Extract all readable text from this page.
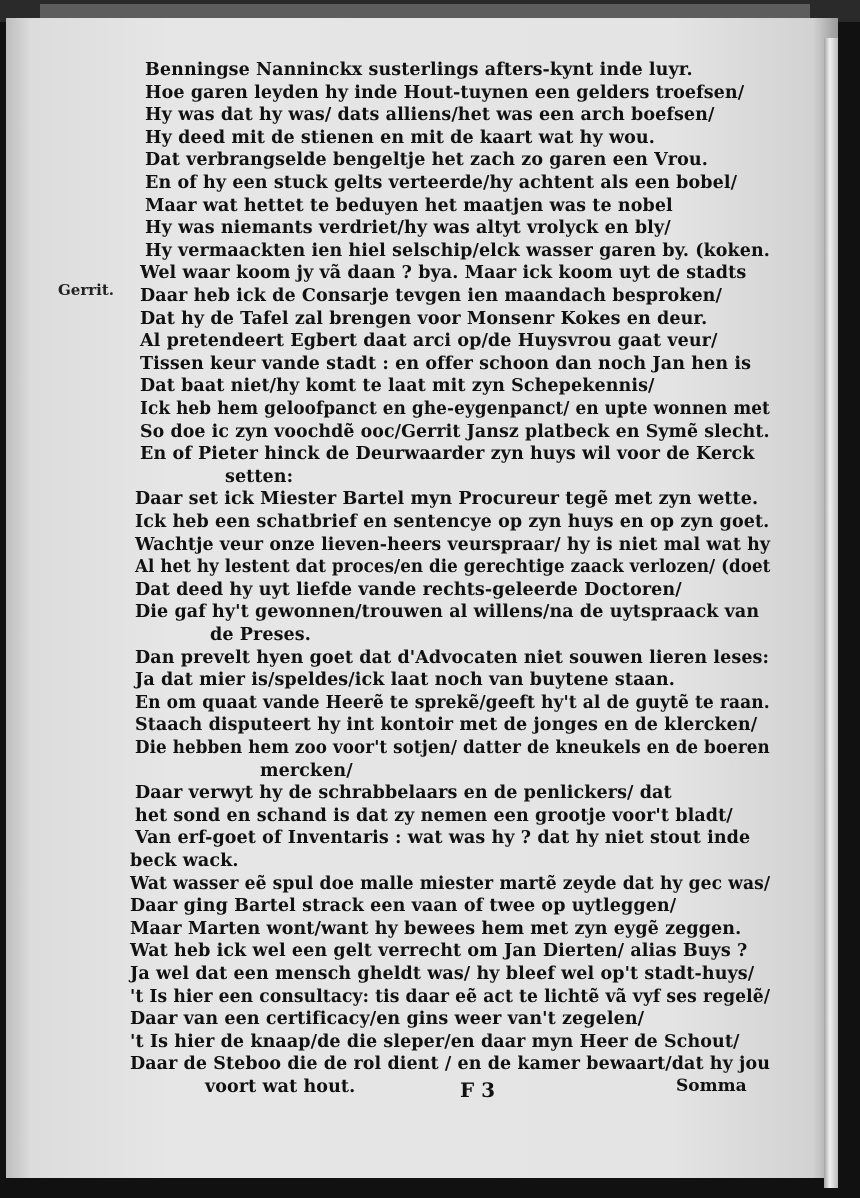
Gerrit.
Benningse Nanninckx susterlings afters-kynt inde luyr.
Hoe garen leyden hy inde Hout-tuynen een gelders troefsen/
Hy was dat hy was/ dats alliens/het was een arch boefsen/
Hy deed mit de stienen en mit de kaart wat hy wou.
Dat verbrangselde bengeltje het zach zo garen een Vrou.
En of hy een stuck gelts verteerde/hy achtent als een bobel/
Maar wat hettet te beduyen het maatjen was te nobel
Hy was niemants verdriet/hy was altyt vrolyck en bly/
Hy vermaackten ien hiel selschip/elck wasser garen by. (koken.
Wel waar koom jy vã daan ? bya. Maar ick koom uyt de stadts
Daar heb ick de Consarje tevgen ien maandach besproken/
Dat hy de Tafel zal brengen voor Monsenr Kokes en deur.
Al pretendeert Egbert daat arci op/de Huysvrou gaat veur/
Tissen keur vande stadt : en offer schoon dan noch Jan hen is
Dat baat niet/hy komt te laat mit zyn Schepekennis/
Ick heb hem geloofpanct en ghe-eygenpanct/ en upte wonnen met
So doe ic zyn voochdẽ ooc/Gerrit Jansz platbeck en Symẽ slecht.
En of Pieter hinck de Deurwaarder zyn huys wil voor de Kerck
setten:
Daar set ick Miester Bartel myn Procureur tegẽ met zyn wette.
Ick heb een schatbrief en sentencye op zyn huys en op zyn goet.
Wachtje veur onze lieven-heers veurspraar/ hy is niet mal wat hy
Al het hy lestent dat proces/en die gerechtige zaack verlozen/ (doet
Dat deed hy uyt liefde vande rechts-geleerde Doctoren/
Die gaf hy't gewonnen/trouwen al willens/na de uytspraack van
de Preses.
Dan prevelt hyen goet dat d'Advocaten niet souwen lieren leses:
Ja dat mier is/speldes/ick laat noch van buytene staan.
En om quaat vande Heerẽ te sprekẽ/geeft hy't al de guytẽ te raan.
Staach disputeert hy int kontoir met de jonges en de klercken/
Die hebben hem zoo voor't sotjen/ datter de kneukels en de boeren
mercken/
Daar verwyt hy de schrabbelaars en de penlickers/ dat
het sond en schand is dat zy nemen een grootje voor't bladt/
Van erf-goet of Inventaris : wat was hy ? dat hy niet stout inde
beck wack.
Wat wasser eẽ spul doe malle miester martẽ zeyde dat hy gec was/
Daar ging Bartel strack een vaan of twee op uytleggen/
Maar Marten wont/want hy bewees hem met zyn eygẽ zeggen.
Wat heb ick wel een gelt verrecht om Jan Dierten/ alias Buys ?
Ja wel dat een mensch gheldt was/ hy bleef wel op't stadt-huys/
't Is hier een consultacy: tis daar eẽ act te lichtẽ vã vyf ses regelẽ/
Daar van een certificacy/en gins weer van't zegelen/
't Is hier de knaap/de die sleper/en daar myn Heer de Schout/
Daar de Steboo die de rol dient / en de kamer bewaart/dat hy jou
voort wat hout.	F 3	Somma
